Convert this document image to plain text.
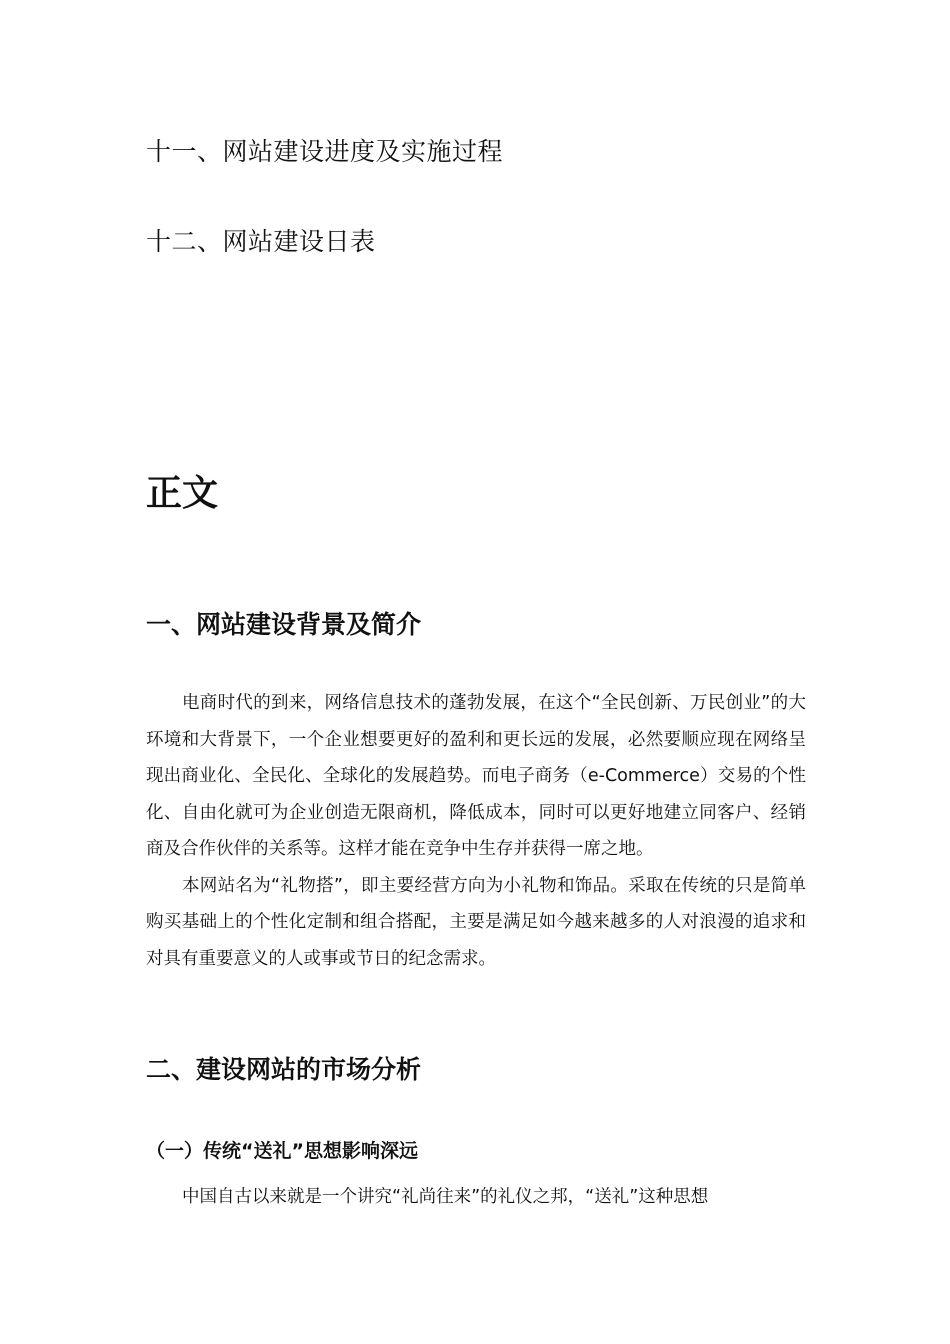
十一、网站建设进度及实施过程
十二、网站建设日表
正文
一、网站建设背景及简介

电商时代的到来，网络信息技术的蓬勃发展，在这个“全民创新、万民创业”的大环境和大背景下，一个企业想要更好的盈利和更长远的发展，必然要顺应现在网络呈现出商业化、全民化、全球化的发展趋势。而电子商务（e-Commerce）交易的个性化、自由化就可为企业创造无限商机，降低成本，同时可以更好地建立同客户、经销商及合作伙伴的关系等。这样才能在竞争中生存并获得一席之地。

本网站名为“礼物搭”，即主要经营方向为小礼物和饰品。采取在传统的只是简单购买基础上的个性化定制和组合搭配，主要是满足如今越来越多的人对浪漫的追求和对具有重要意义的人或事或节日的纪念需求。

二、建设网站的市场分析
（一）传统“送礼”思想影响深远

中国自古以来就是一个讲究“礼尚往来”的礼仪之邦，“送礼”这种思想
